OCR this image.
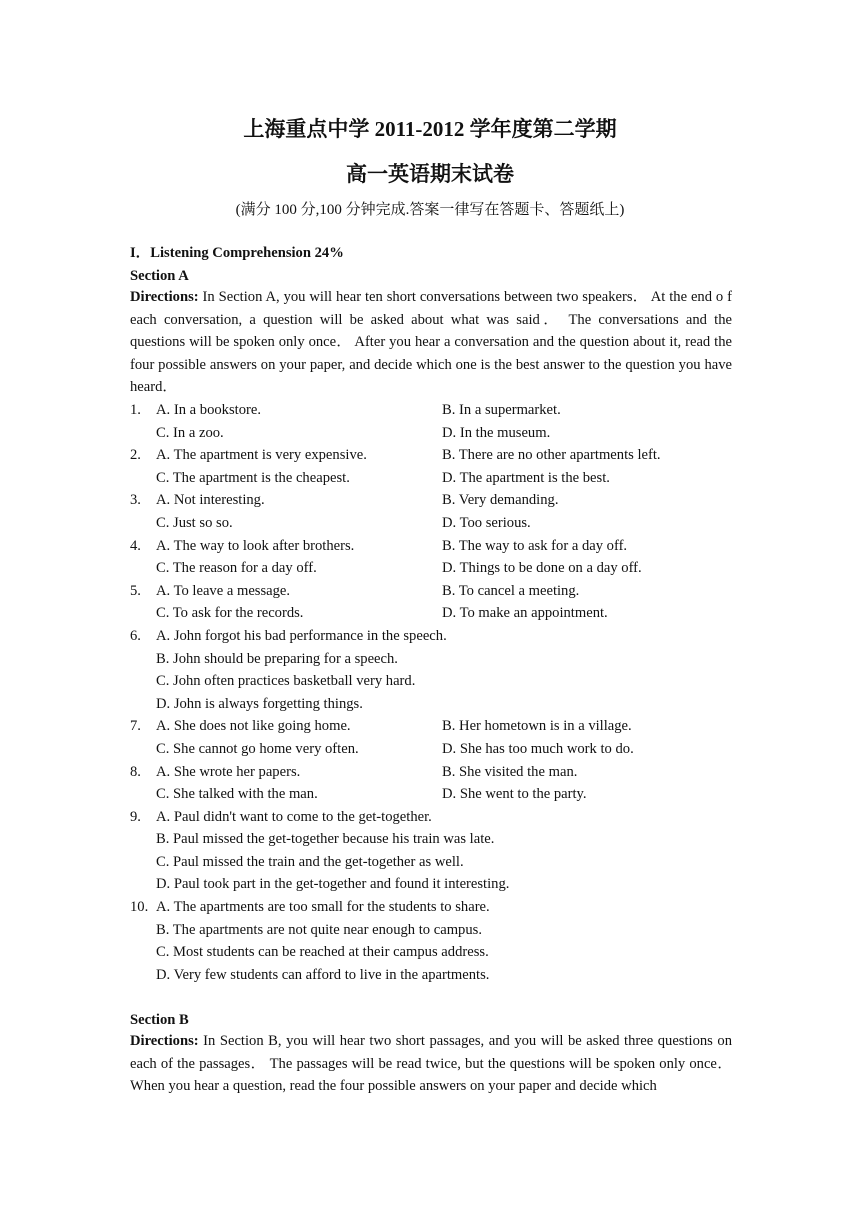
上海重点中学 2011-2012 学年度第二学期
高一英语期末试卷
(满分 100 分,100 分钟完成.答案一律写在答题卡、答题纸上)
I．Listening Comprehension 24%
Section A
Directions: In Section A, you will hear ten short conversations between two speakers． At the end o f each conversation, a question will be asked about what was said． The conversations and the questions will be spoken only once． After you hear a conversation and the question about it, read the four possible answers on your paper, and decide which one is the best answer to the question you have heard．
1. A. In a bookstore.	B. In a supermarket.
C. In a zoo.	D. In the museum.
2. A. The apartment is very expensive.	B. There are no other apartments left.
C. The apartment is the cheapest.	D. The apartment is the best.
3. A. Not interesting.	B. Very demanding.
C. Just so so.	D. Too serious.
4. A. The way to look after brothers.	B. The way to ask for a day off.
C. The reason for a day off.	D. Things to be done on a day off.
5. A. To leave a message.	B. To cancel a meeting.
C. To ask for the records.	D. To make an appointment.
6. A. John forgot his bad performance in the speech.
B. John should be preparing for a speech.
C. John often practices basketball very hard.
D. John is always forgetting things.
7. A. She does not like going home.	B. Her hometown is in a village.
C. She cannot go home very often.	D. She has too much work to do.
8. A. She wrote her papers.	B. She visited the man.
C. She talked with the man.	D. She went to the party.
9. A. Paul didn't want to come to the get-together.
B. Paul missed the get-together because his train was late.
C. Paul missed the train and the get-together as well.
D. Paul took part in the get-together and found it interesting.
10. A. The apartments are too small for the students to share.
B. The apartments are not quite near enough to campus.
C. Most students can be reached at their campus address.
D. Very few students can afford to live in the apartments.
Section B
Directions: In Section B, you will hear two short passages, and you will be asked three questions on each of the passages． The passages will be read twice, but the questions will be spoken only once． When you hear a question, read the four possible answers on your paper and decide which
